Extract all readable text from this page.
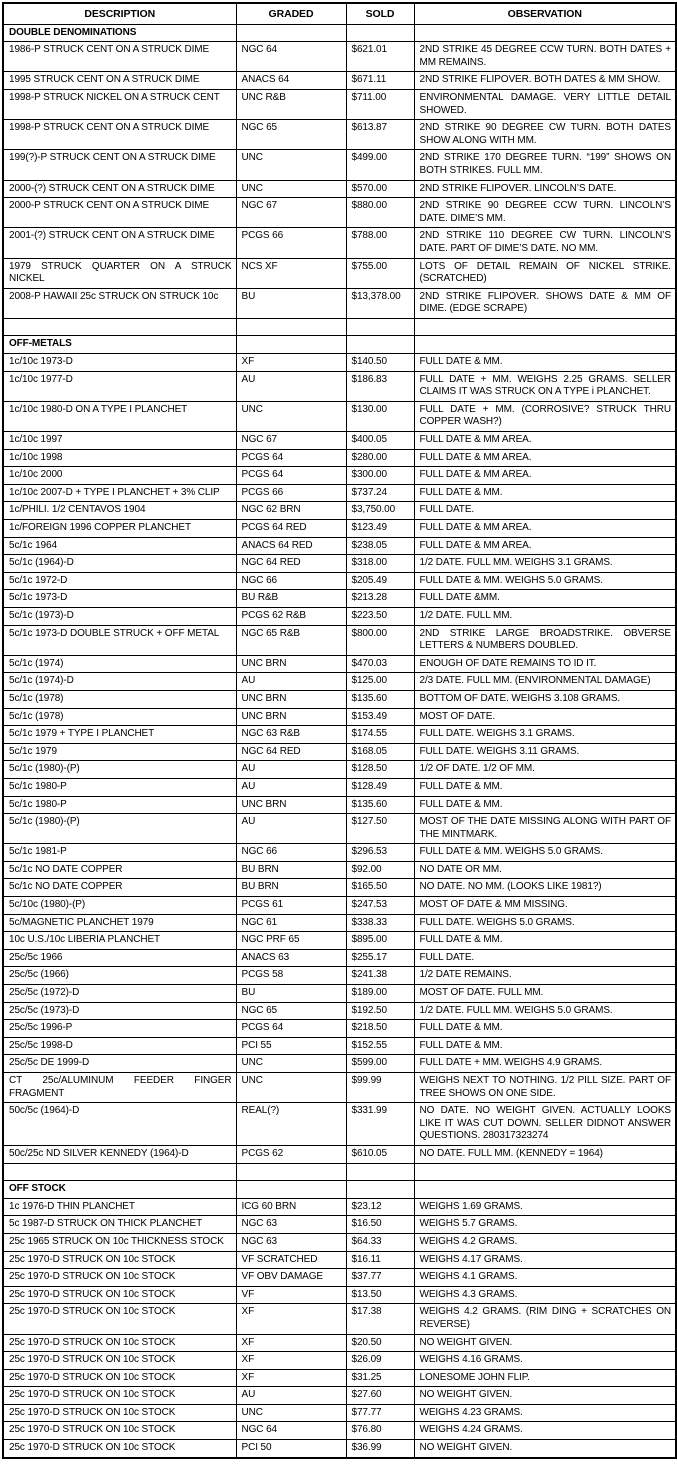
DESCRIPTION	GRADED	SOLD	OBSERVATION
DOUBLE DENOMINATIONS			
1986-P STRUCK CENT ON A STRUCK DIME	NGC 64	$621.01	2ND STRIKE 45 DEGREE CCW TURN. BOTH DATES + MM REMAINS.
1995 STRUCK CENT ON A STRUCK DIME	ANACS 64	$671.11	2ND STRIKE FLIPOVER. BOTH DATES & MM SHOW.
1998-P STRUCK NICKEL ON A STRUCK CENT	UNC R&B	$711.00	ENVIRONMENTAL DAMAGE. VERY LITTLE DETAIL SHOWED.
1998-P STRUCK CENT ON A STRUCK DIME	NGC 65	$613.87	2ND STRIKE 90 DEGREE CW TURN. BOTH DATES SHOW ALONG WITH MM.
199(?)-P STRUCK CENT ON A STRUCK DIME	UNC	$499.00	2ND STRIKE 170 DEGREE TURN. “199” SHOWS ON BOTH STRIKES. FULL MM.
2000-(?) STRUCK CENT ON A STRUCK DIME	UNC	$570.00	2ND STRIKE FLIPOVER. LINCOLN’S DATE.
2000-P STRUCK CENT ON A STRUCK DIME	NGC 67	$880.00	2ND STRIKE 90 DEGREE CCW TURN. LINCOLN’S DATE. DIME’S MM.
2001-(?) STRUCK CENT ON A STRUCK DIME	PCGS 66	$788.00	2ND STRIKE 110 DEGREE CW TURN. LINCOLN’S DATE. PART OF DIME’S DATE. NO MM.
1979 STRUCK QUARTER ON A STRUCK NICKEL	NCS XF	$755.00	LOTS OF DETAIL REMAIN OF NICKEL STRIKE. (SCRATCHED)
2008-P HAWAII 25c STRUCK ON STRUCK 10c	BU	$13,378.00	2ND STRIKE FLIPOVER. SHOWS DATE & MM OF DIME. (EDGE SCRAPE)

OFF-METALS			
1c/10c 1973-D	XF	$140.50	FULL DATE & MM.
1c/10c 1977-D	AU	$186.83	FULL DATE + MM. WEIGHS 2.25 GRAMS. SELLER CLAIMS IT WAS STRUCK ON A TYPE i PLANCHET.
1c/10c 1980-D ON A TYPE I PLANCHET	UNC	$130.00	FULL DATE + MM. (CORROSIVE? STRUCK THRU COPPER WASH?)
1c/10c 1997	NGC 67	$400.05	FULL DATE & MM AREA.
1c/10c 1998	PCGS 64	$280.00	FULL DATE & MM AREA.
1c/10c 2000	PCGS 64	$300.00	FULL DATE & MM AREA.
1c/10c 2007-D + TYPE I PLANCHET + 3% CLIP	PCGS 66	$737.24	FULL DATE & MM.
1c/PHILI. 1/2 CENTAVOS 1904	NGC 62 BRN	$3,750.00	FULL DATE.
1c/FOREIGN 1996 COPPER PLANCHET	PCGS 64 RED	$123.49	FULL DATE & MM AREA.
5c/1c 1964	ANACS 64 RED	$238.05	FULL DATE & MM AREA.
5c/1c (1964)-D	NGC 64 RED	$318.00	1/2 DATE. FULL MM. WEIGHS 3.1 GRAMS.
5c/1c 1972-D	NGC 66	$205.49	FULL DATE & MM. WEIGHS 5.0 GRAMS.
5c/1c 1973-D	BU R&B	$213.28	FULL DATE &MM.
5c/1c (1973)-D	PCGS 62 R&B	$223.50	1/2 DATE. FULL MM.
5c/1c 1973-D DOUBLE STRUCK + OFF METAL	NGC 65 R&B	$800.00	2ND STRIKE LARGE BROADSTRIKE. OBVERSE LETTERS & NUMBERS DOUBLED.
5c/1c (1974)	UNC BRN	$470.03	ENOUGH OF DATE REMAINS TO ID IT.
5c/1c (1974)-D	AU	$125.00	2/3 DATE. FULL MM. (ENVIRONMENTAL DAMAGE)
5c/1c (1978)	UNC BRN	$135.60	BOTTOM OF DATE. WEIGHS 3.108 GRAMS.
5c/1c (1978)	UNC BRN	$153.49	MOST OF DATE.
5c/1c 1979 + TYPE I PLANCHET	NGC 63 R&B	$174.55	FULL DATE. WEIGHS 3.1 GRAMS.
5c/1c 1979	NGC 64 RED	$168.05	FULL DATE. WEIGHS 3.11 GRAMS.
5c/1c (1980)-(P)	AU	$128.50	1/2 OF DATE. 1/2 OF MM.
5c/1c 1980-P	AU	$128.49	FULL DATE & MM.
5c/1c 1980-P	UNC BRN	$135.60	FULL DATE & MM.
5c/1c (1980)-(P)	AU	$127.50	MOST OF THE DATE MISSING ALONG WITH PART OF THE MINTMARK.
5c/1c 1981-P	NGC 66	$296.53	FULL DATE & MM. WEIGHS 5.0 GRAMS.
5c/1c NO DATE COPPER	BU BRN	$92.00	NO DATE OR MM.
5c/1c NO DATE COPPER	BU BRN	$165.50	NO DATE. NO MM. (LOOKS LIKE 1981?)
5c/10c (1980)-(P)	PCGS 61	$247.53	MOST OF DATE & MM MISSING.
5c/MAGNETIC PLANCHET 1979	NGC 61	$338.33	FULL DATE. WEIGHS 5.0 GRAMS.
10c U.S./10c LIBERIA PLANCHET	NGC PRF 65	$895.00	FULL DATE & MM.
25c/5c 1966	ANACS 63	$255.17	FULL DATE.
25c/5c (1966)	PCGS 58	$241.38	1/2 DATE REMAINS.
25c/5c (1972)-D	BU	$189.00	MOST OF DATE. FULL MM.
25c/5c (1973)-D	NGC 65	$192.50	1/2 DATE. FULL MM. WEIGHS 5.0 GRAMS.
25c/5c 1996-P	PCGS 64	$218.50	FULL DATE & MM.
25c/5c 1998-D	PCI 55	$152.55	FULL DATE & MM.
25c/5c DE 1999-D	UNC	$599.00	FULL DATE + MM. WEIGHS 4.9 GRAMS.
CT 25c/ALUMINUM FEEDER FINGER FRAGMENT	UNC	$99.99	WEIGHS NEXT TO NOTHING. 1/2 PILL SIZE. PART OF TREE SHOWS ON ONE SIDE.
50c/5c (1964)-D	REAL(?)	$331.99	NO DATE. NO WEIGHT GIVEN. ACTUALLY LOOKS LIKE IT WAS CUT DOWN. SELLER DIDNOT ANSWER QUESTIONS. 280317323274
50c/25c ND SILVER KENNEDY (1964)-D	PCGS 62	$610.05	NO DATE. FULL MM. (KENNEDY = 1964)

OFF STOCK			
1c 1976-D THIN PLANCHET	ICG 60 BRN	$23.12	WEIGHS 1.69 GRAMS.
5c 1987-D STRUCK ON THICK PLANCHET	NGC 63	$16.50	WEIGHS 5.7 GRAMS.
25c 1965 STRUCK ON 10c THICKNESS STOCK	NGC 63	$64.33	WEIGHS 4.2 GRAMS.
25c 1970-D STRUCK ON 10c STOCK	VF SCRATCHED	$16.11	WEIGHS 4.17 GRAMS.
25c 1970-D STRUCK ON 10c STOCK	VF OBV DAMAGE	$37.77	WEIGHS 4.1 GRAMS.
25c 1970-D STRUCK ON 10c STOCK	VF	$13.50	WEIGHS 4.3 GRAMS.
25c 1970-D STRUCK ON 10c STOCK	XF	$17.38	WEIGHS 4.2 GRAMS. (RIM DING + SCRATCHES ON REVERSE)
25c 1970-D STRUCK ON 10c STOCK	XF	$20.50	NO WEIGHT GIVEN.
25c 1970-D STRUCK ON 10c STOCK	XF	$26.09	WEIGHS 4.16 GRAMS.
25c 1970-D STRUCK ON 10c STOCK	XF	$31.25	LONESOME JOHN FLIP.
25c 1970-D STRUCK ON 10c STOCK	AU	$27.60	NO WEIGHT GIVEN.
25c 1970-D STRUCK ON 10c STOCK	UNC	$77.77	WEIGHS 4.23 GRAMS.
25c 1970-D STRUCK ON 10c STOCK	NGC 64	$76.80	WEIGHS 4.24 GRAMS.
25c 1970-D STRUCK ON 10c STOCK	PCI 50	$36.99	NO WEIGHT GIVEN.
